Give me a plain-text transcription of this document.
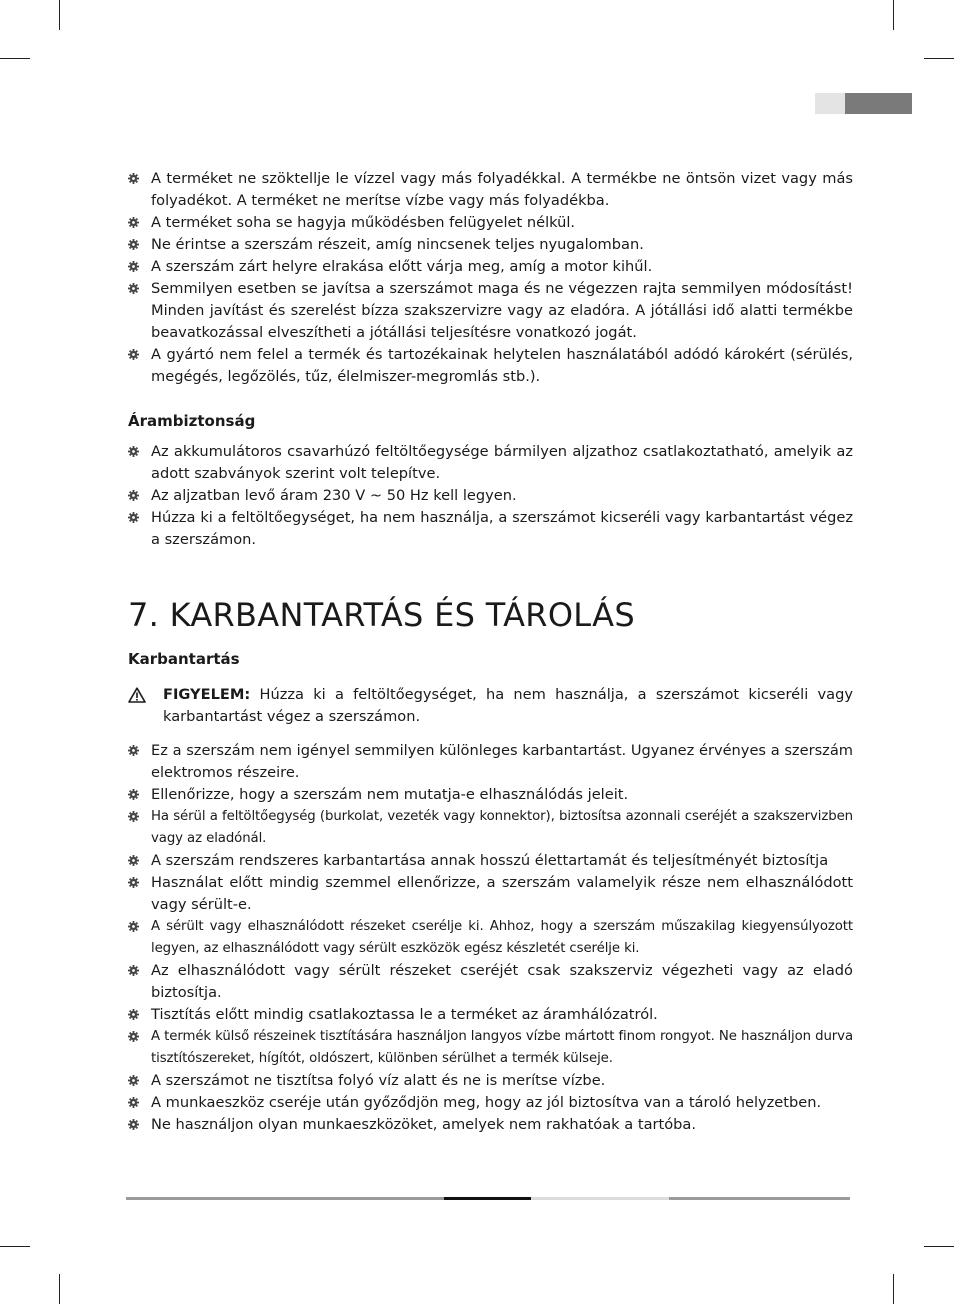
A terméket ne szöktellje le vízzel vagy más folyadékkal. A termékbe ne öntsön vizet vagy más folyadékot. A terméket ne merítse vízbe vagy más folyadékba.
A terméket soha se hagyja működésben felügyelet nélkül.
Ne érintse a szerszám részeit, amíg nincsenek teljes nyugalomban.
A szerszám zárt helyre elrakása előtt várja meg, amíg a motor kihűl.
Semmilyen esetben se javítsa a szerszámot maga és ne végezzen rajta semmilyen módosítást! Minden javítást és szerelést bízza szakszervizre vagy az eladóra. A jótállási idő alatti termékbe beavatkozással elveszítheti a jótállási teljesítésre vonatkozó jogát.
A gyártó nem felel a termék és tartozékainak helytelen használatából adódó károkért (sérülés, megégés, legőzölés, tűz, élelmiszer-megromlás stb.).
Árambiztonság
Az akkumulátoros csavarhúzó feltöltőegysége bármilyen aljzathoz csatlakoztatható, amelyik az adott szabványok szerint volt telepítve.
Az aljzatban levő áram 230 V ~ 50 Hz kell legyen.
Húzza ki a feltöltőegységet, ha nem használja, a szerszámot kicseréli vagy karbantartást végez a szerszámon.
7. KARBANTARTÁS ÉS TÁROLÁS
Karbantartás
FIGYELEM: Húzza ki a feltöltőegységet, ha nem használja, a szerszámot kicseréli vagy karbantartást végez a szerszámon.
Ez a szerszám nem igényel semmilyen különleges karbantartást. Ugyanez érvényes a szerszám elektromos részeire.
Ellenőrizze, hogy a szerszám nem mutatja-e elhasználódás jeleit.
Ha sérül a feltöltőegység (burkolat, vezeték vagy konnektor), biztosítsa azonnali cseréjét a szakszervizben vagy az eladónál.
A szerszám rendszeres karbantartása annak hosszú élettartamát és teljesítményét biztosítja
Használat előtt mindig szemmel ellenőrizze, a szerszám valamelyik része nem elhasználódott vagy sérült-e.
A sérült vagy elhasználódott részeket cserélje ki. Ahhoz, hogy a szerszám műszakilag kiegyensúlyozott legyen, az elhasználódott vagy sérült eszközök egész készletét cserélje ki.
Az elhasználódott vagy sérült részeket cseréjét csak szakszerviz végezheti vagy az eladó biztosítja.
Tisztítás előtt mindig csatlakoztassa le a terméket az áramhálózatról.
A termék külső részeinek tisztítására használjon langyos vízbe mártott finom rongyot. Ne használjon durva tisztítószereket, hígítót, oldószert, különben sérülhet a termék külseje.
A szerszámot ne tisztítsa folyó víz alatt és ne is merítse vízbe.
A munkaeszköz cseréje után győződjön meg, hogy az jól biztosítva van a tároló helyzetben.
Ne használjon olyan munkaeszközöket, amelyek nem rakhatóak a tartóba.
